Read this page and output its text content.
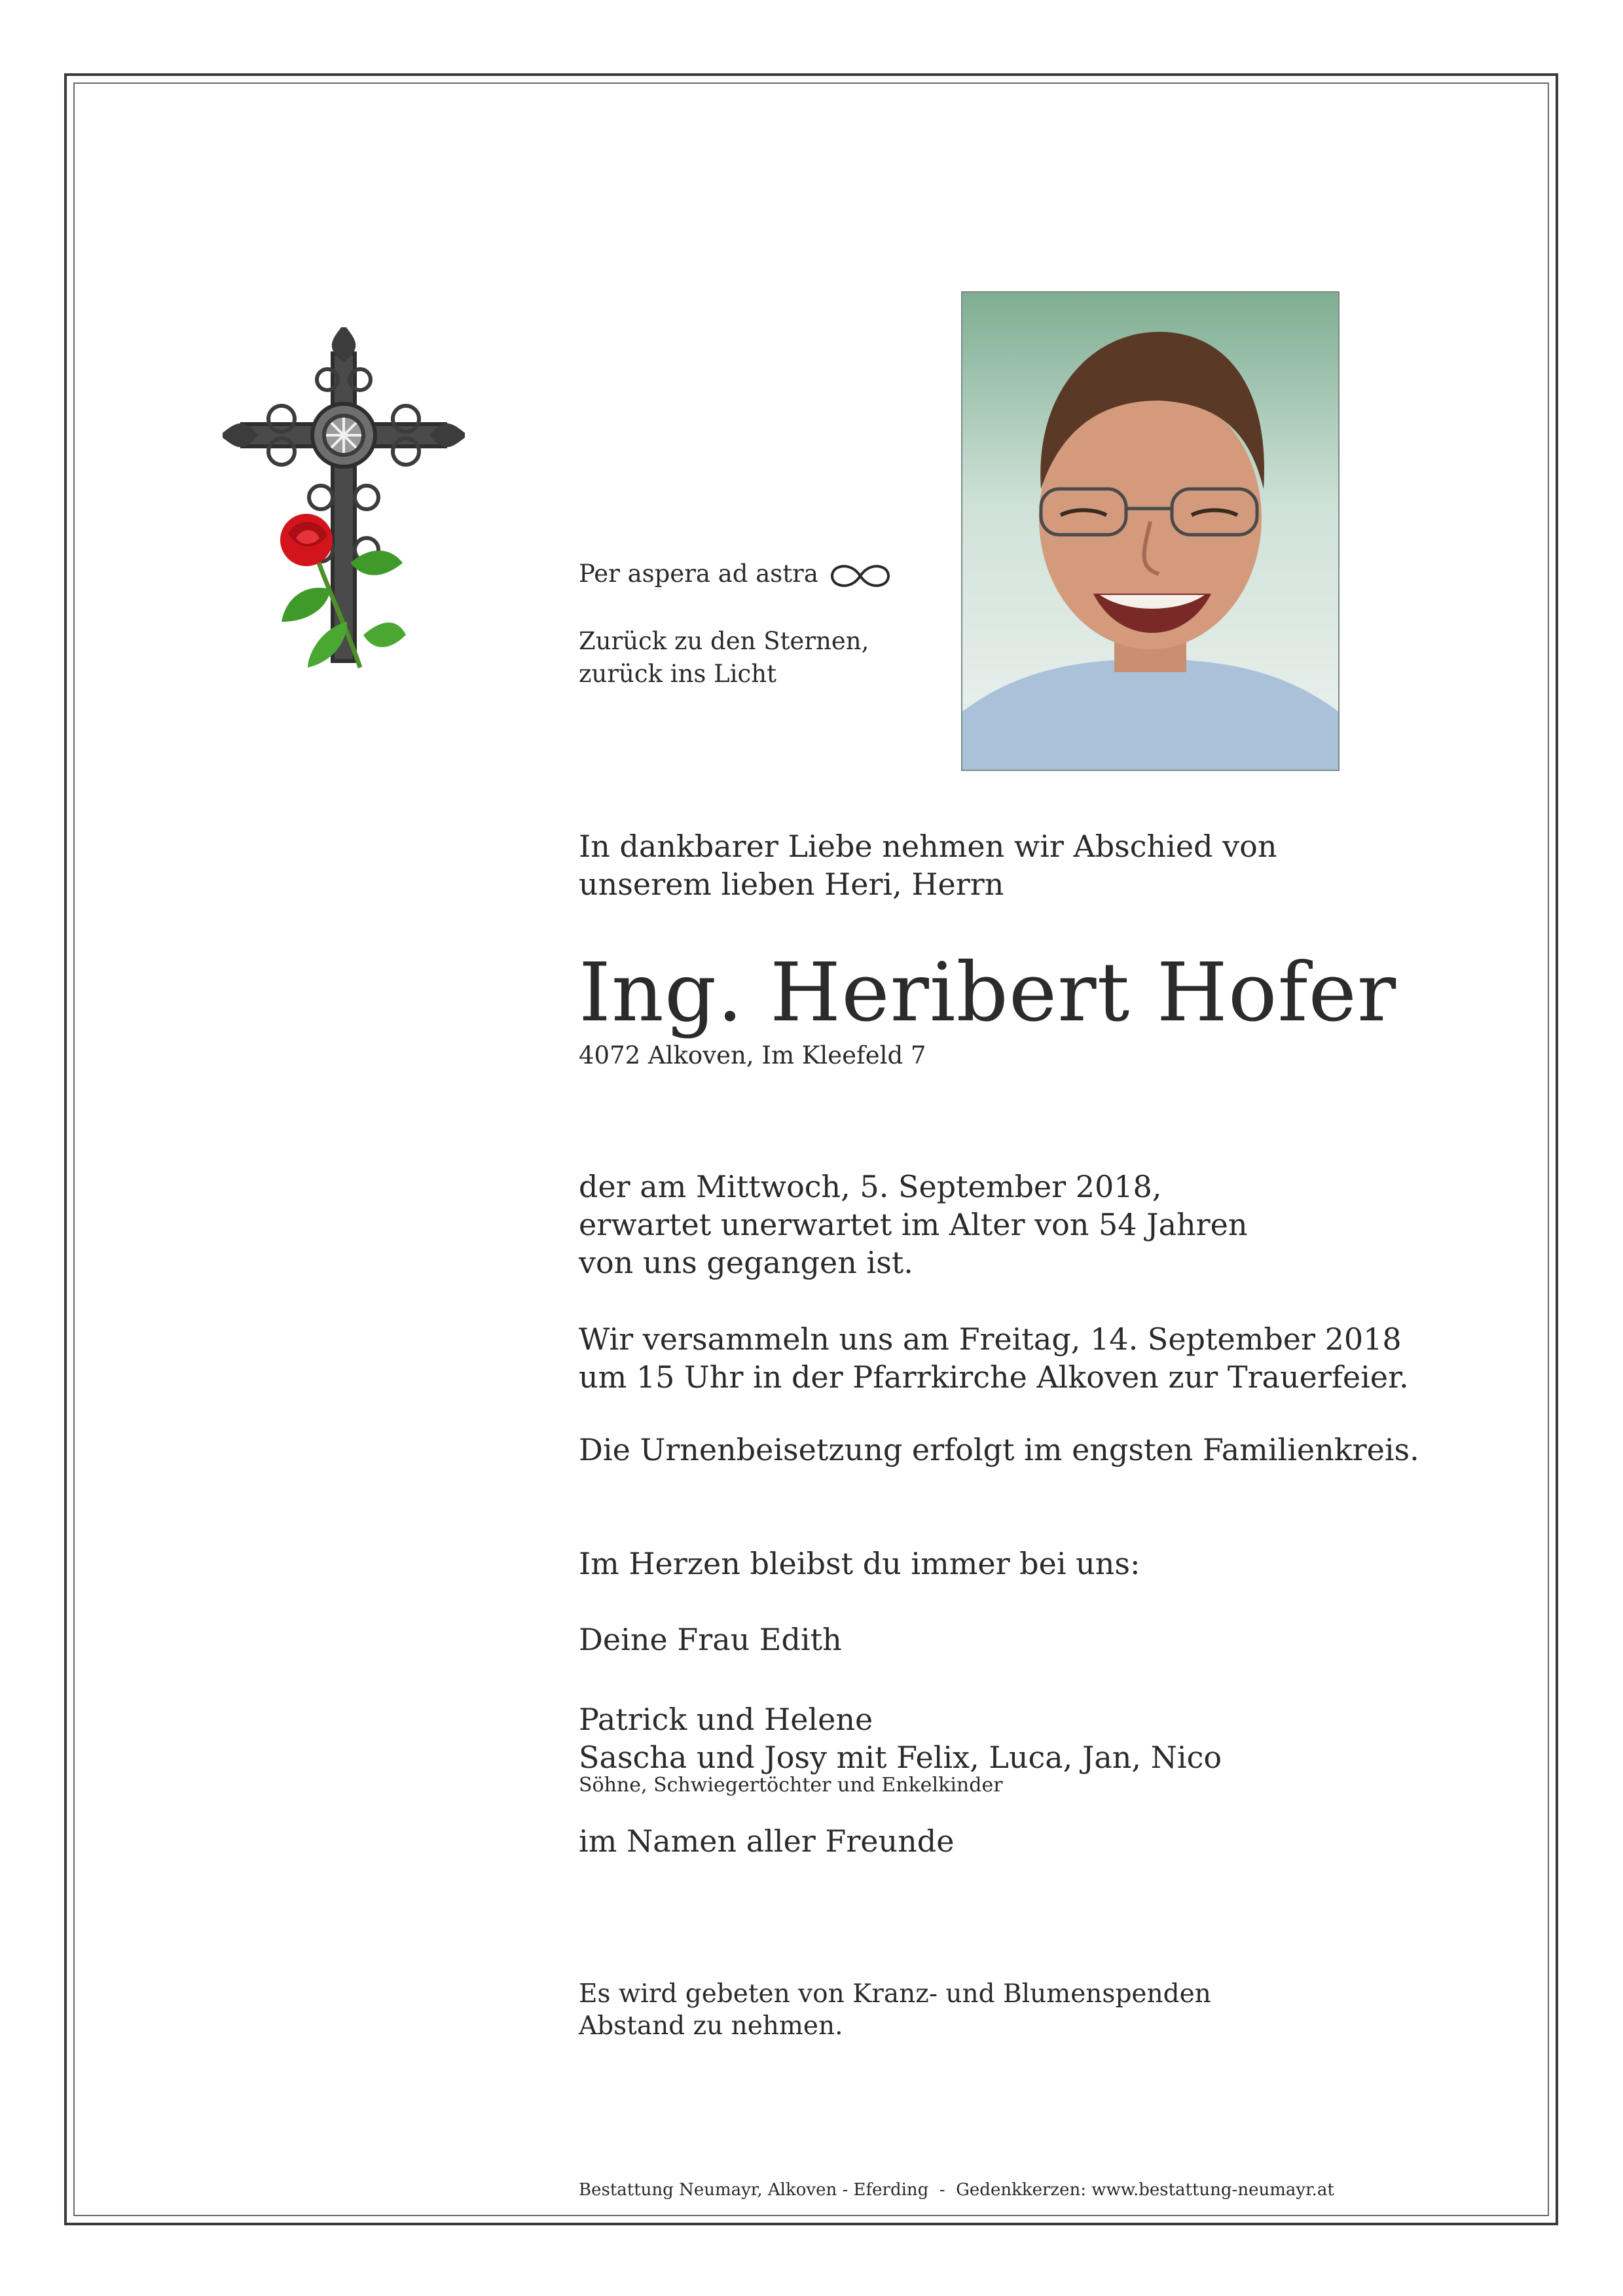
Per aspera ad astra

Zurück zu den Sternen,
zurück ins Licht
In dankbarer Liebe nehmen wir Abschied von
unserem lieben Heri, Herrn
Ing. Heribert Hofer
4072 Alkoven, Im Kleefeld 7
der am Mittwoch, 5. September 2018,
erwartet unerwartet im Alter von 54 Jahren
von uns gegangen ist.
Wir versammeln uns am Freitag, 14. September 2018
um 15 Uhr in der Pfarrkirche Alkoven zur Trauerfeier.
Die Urnenbeisetzung erfolgt im engsten Familienkreis.
Im Herzen bleibst du immer bei uns:
Deine Frau Edith
Patrick und Helene
Sascha und Josy mit Felix, Luca, Jan, Nico
Söhne, Schwiegertöchter und Enkelkinder
im Namen aller Freunde
Es wird gebeten von Kranz- und Blumenspenden
Abstand zu nehmen.
Bestattung Neumayr, Alkoven - Eferding  -  Gedenkkerzen: www.bestattung-neumayr.at
